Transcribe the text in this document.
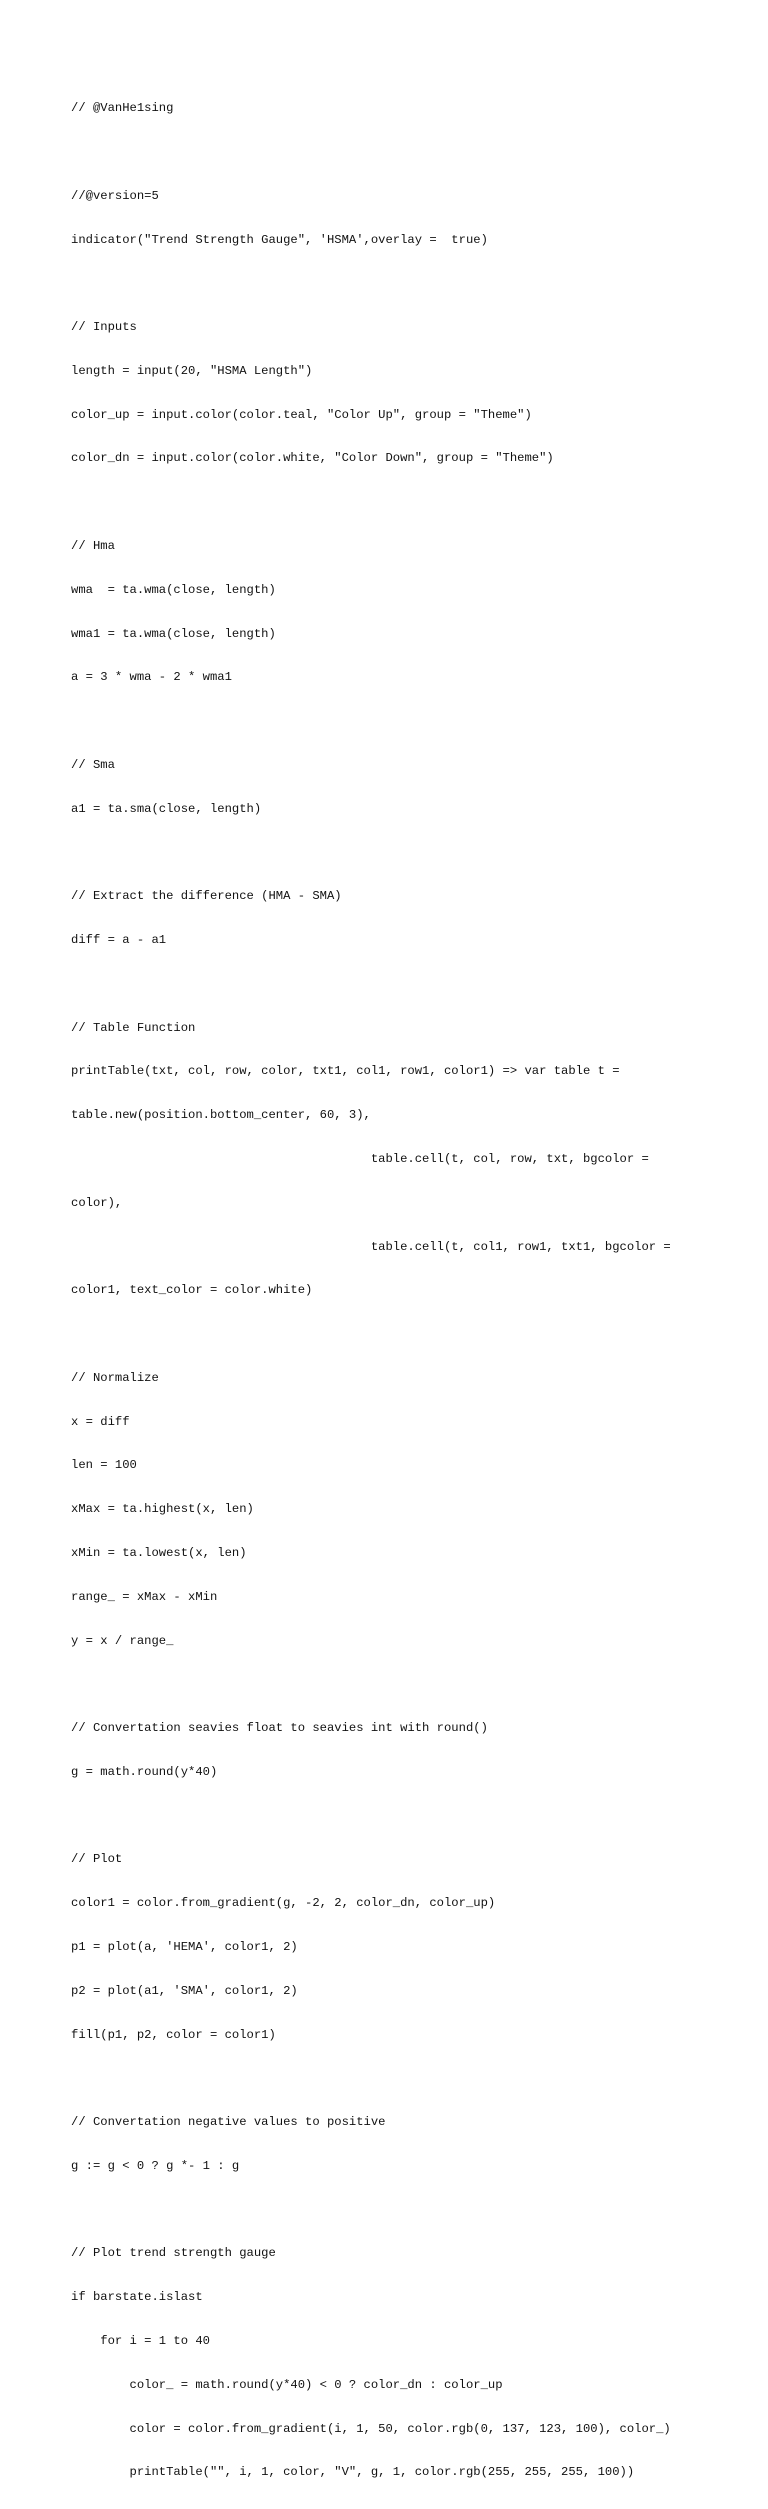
// @VanHe1sing

//@version=5

indicator("Trend Strength Gauge", 'HSMA',overlay =  true)

// Inputs

length = input(20, "HSMA Length")

color_up = input.color(color.teal, "Color Up", group = "Theme")

color_dn = input.color(color.white, "Color Down", group = "Theme")

// Hma

wma  = ta.wma(close, length)

wma1 = ta.wma(close, length)

a = 3 * wma - 2 * wma1

// Sma

a1 = ta.sma(close, length)

// Extract the difference (HMA - SMA)

diff = a - a1

// Table Function

printTable(txt, col, row, color, txt1, col1, row1, color1) => var table t =

table.new(position.bottom_center, 60, 3),

table.cell(t, col, row, txt, bgcolor =

color),

table.cell(t, col1, row1, txt1, bgcolor =

color1, text_color = color.white)

// Normalize

x = diff

len = 100

xMax = ta.highest(x, len)

xMin = ta.lowest(x, len)

range_ = xMax - xMin

y = x / range_

// Convertation seavies float to seavies int with round()

g = math.round(y*40)

// Plot

color1 = color.from_gradient(g, -2, 2, color_dn, color_up)

p1 = plot(a, 'HEMA', color1, 2)

p2 = plot(a1, 'SMA', color1, 2)

fill(p1, p2, color = color1)

// Convertation negative values to positive

g := g < 0 ? g *- 1 : g

// Plot trend strength gauge

if barstate.islast

for i = 1 to 40

color_ = math.round(y*40) < 0 ? color_dn : color_up

color = color.from_gradient(i, 1, 50, color.rgb(0, 137, 123, 100), color_)

printTable("", i, 1, color, "V", g, 1, color.rgb(255, 255, 255, 100))
